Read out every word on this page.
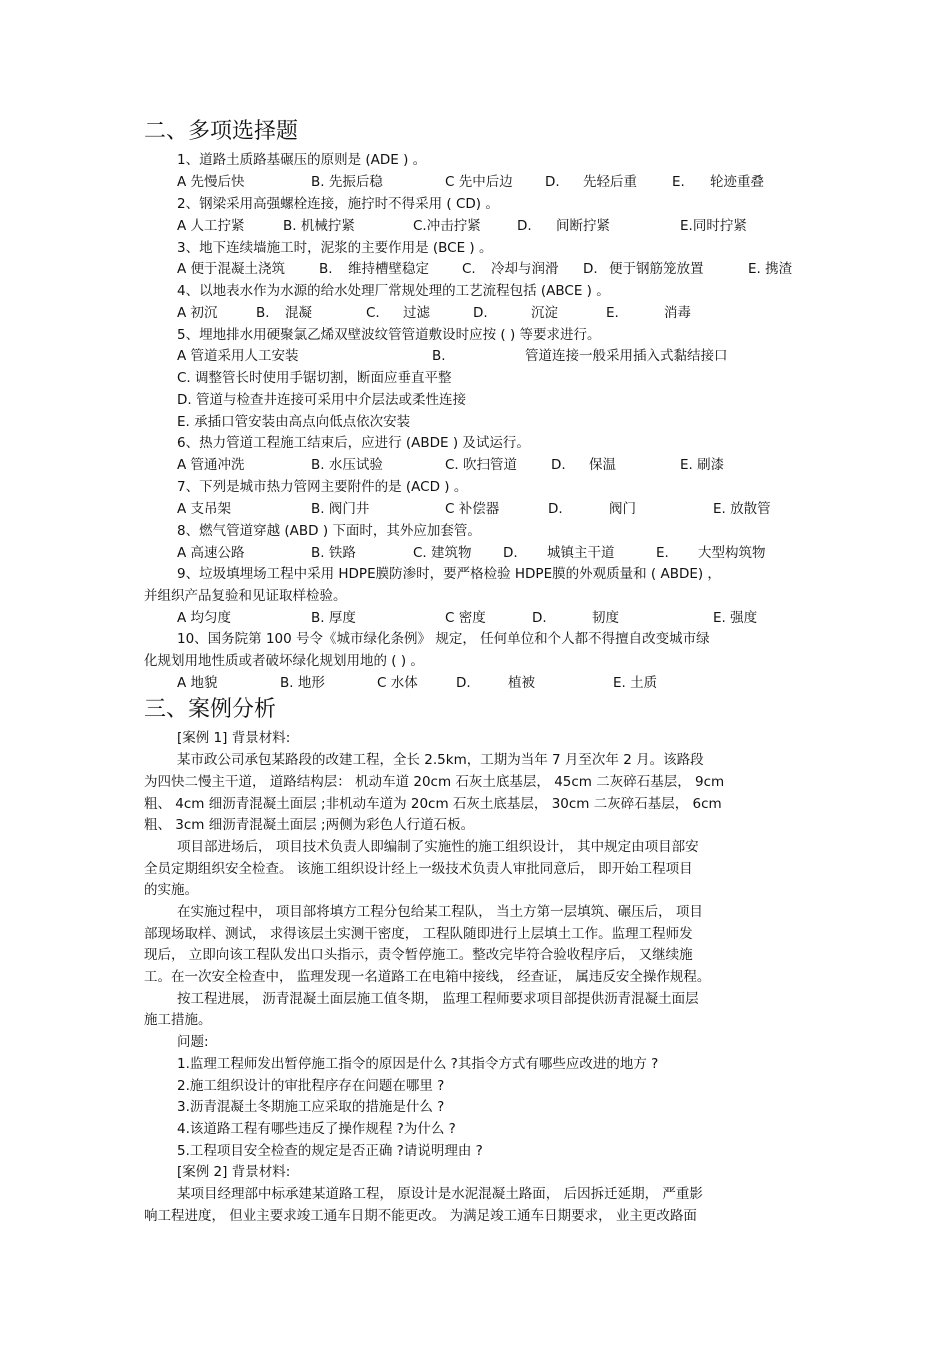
二、多项选择题
1、道路土质路基碾压的原则是 (ADE ) 。
A 先慢后快	B. 先振后稳	C 先中后边 D. 先轻后重	E. 轮迹重叠
2、钢梁采用高强螺栓连接，施拧时不得采用 ( CD) 。
A 人工拧紧	B. 机械拧紧	C.冲击拧紧	D. 间断拧紧	E.同时拧紧
3、地下连续墙施工时，泥浆的主要作用是 (BCE ) 。
A 便于混凝土浇筑	B. 维持槽壁稳定 C. 冷却与润滑 D. 便于钢筋笼放置	E. 携渣
4、以地表水作为水源的给水处理厂常规处理的工艺流程包括 (ABCE ) 。
A 初沉	B. 混凝	C. 过滤	D.	沉淀	E.	消毒
5、埋地排水用硬聚氯乙烯双壁波纹管管道敷设时应按 ( ) 等要求进行。
A 管道采用人工安装	B.	管道连接一般采用插入式黏结接口
C. 调整管长时使用手锯切割，断面应垂直平整
D. 管道与检查井连接可采用中介层法或柔性连接
E. 承插口管安装由高点向低点依次安装
6、热力管道工程施工结束后，应进行 (ABDE ) 及试运行。
A 管通冲洗	B. 水压试验	C. 吹扫管道	D. 保温	E. 刷漆
7、下列是城市热力管网主要附件的是 (ACD ) 。
A 支吊架	B. 阀门井	C 补偿器	D.	阀门	E. 放散管
8、燃气管道穿越 (ABD ) 下面时，其外应加套管。
A 高速公路	B. 铁路	C. 建筑物 D. 城镇主干道	E. 大型构筑物
9、垃圾填埋场工程中采用 HDPE膜防渗时，要严格检验 HDPE膜的外观质量和 ( ABDE) ，
并组织产品复验和见证取样检验。
A 均匀度	B. 厚度	C 密度	D.	韧度	E. 强度
10、国务院第 100 号令《城市绿化条例》 规定， 任何单位和个人都不得擅自改变城市绿
化规划用地性质或者破坏绿化规划用地的 ( ) 。
A 地貌	B. 地形	C 水体	D.	植被	E. 土质
三、案例分析
[案例 1] 背景材料:
某市政公司承包某路段的改建工程，全长 2.5km，工期为当年 7 月至次年 2 月。该路段
为四快二慢主干道， 道路结构层： 机动车道 20cm 石灰土底基层， 45cm 二灰碎石基层， 9cm
粗、 4cm 细沥青混凝土面层 ;非机动车道为 20cm 石灰土底基层， 30cm 二灰碎石基层， 6cm
粗、 3cm 细沥青混凝土面层 ;两侧为彩色人行道石板。
项目部进场后， 项目技术负责人即编制了实施性的施工组织设计， 其中规定由项目部安
全员定期组织安全检查。 该施工组织设计经上一级技术负责人审批同意后， 即开始工程项目
的实施。
在实施过程中， 项目部将填方工程分包给某工程队， 当土方第一层填筑、碾压后， 项目
部现场取样、测试， 求得该层土实测干密度， 工程队随即进行上层填土工作。监理工程师发
现后， 立即向该工程队发出口头指示，责令暂停施工。整改完毕符合验收程序后， 又继续施
工。在一次安全检查中， 监理发现一名道路工在电箱中接线， 经查证， 属违反安全操作规程。
按工程进展， 沥青混凝土面层施工值冬期， 监理工程师要求项目部提供沥青混凝土面层
施工措施。
问题:
1.监理工程师发出暂停施工指令的原因是什么 ?其指令方式有哪些应改进的地方 ?
2.施工组织设计的审批程序存在问题在哪里 ?
3.沥青混凝土冬期施工应采取的措施是什么 ?
4.该道路工程有哪些违反了操作规程 ?为什么 ?
5.工程项目安全检查的规定是否正确 ?请说明理由 ?
[案例 2] 背景材料:
某项目经理部中标承建某道路工程， 原设计是水泥混凝土路面， 后因拆迁延期， 严重影
响工程进度， 但业主要求竣工通车日期不能更改。 为满足竣工通车日期要求， 业主更改路面
